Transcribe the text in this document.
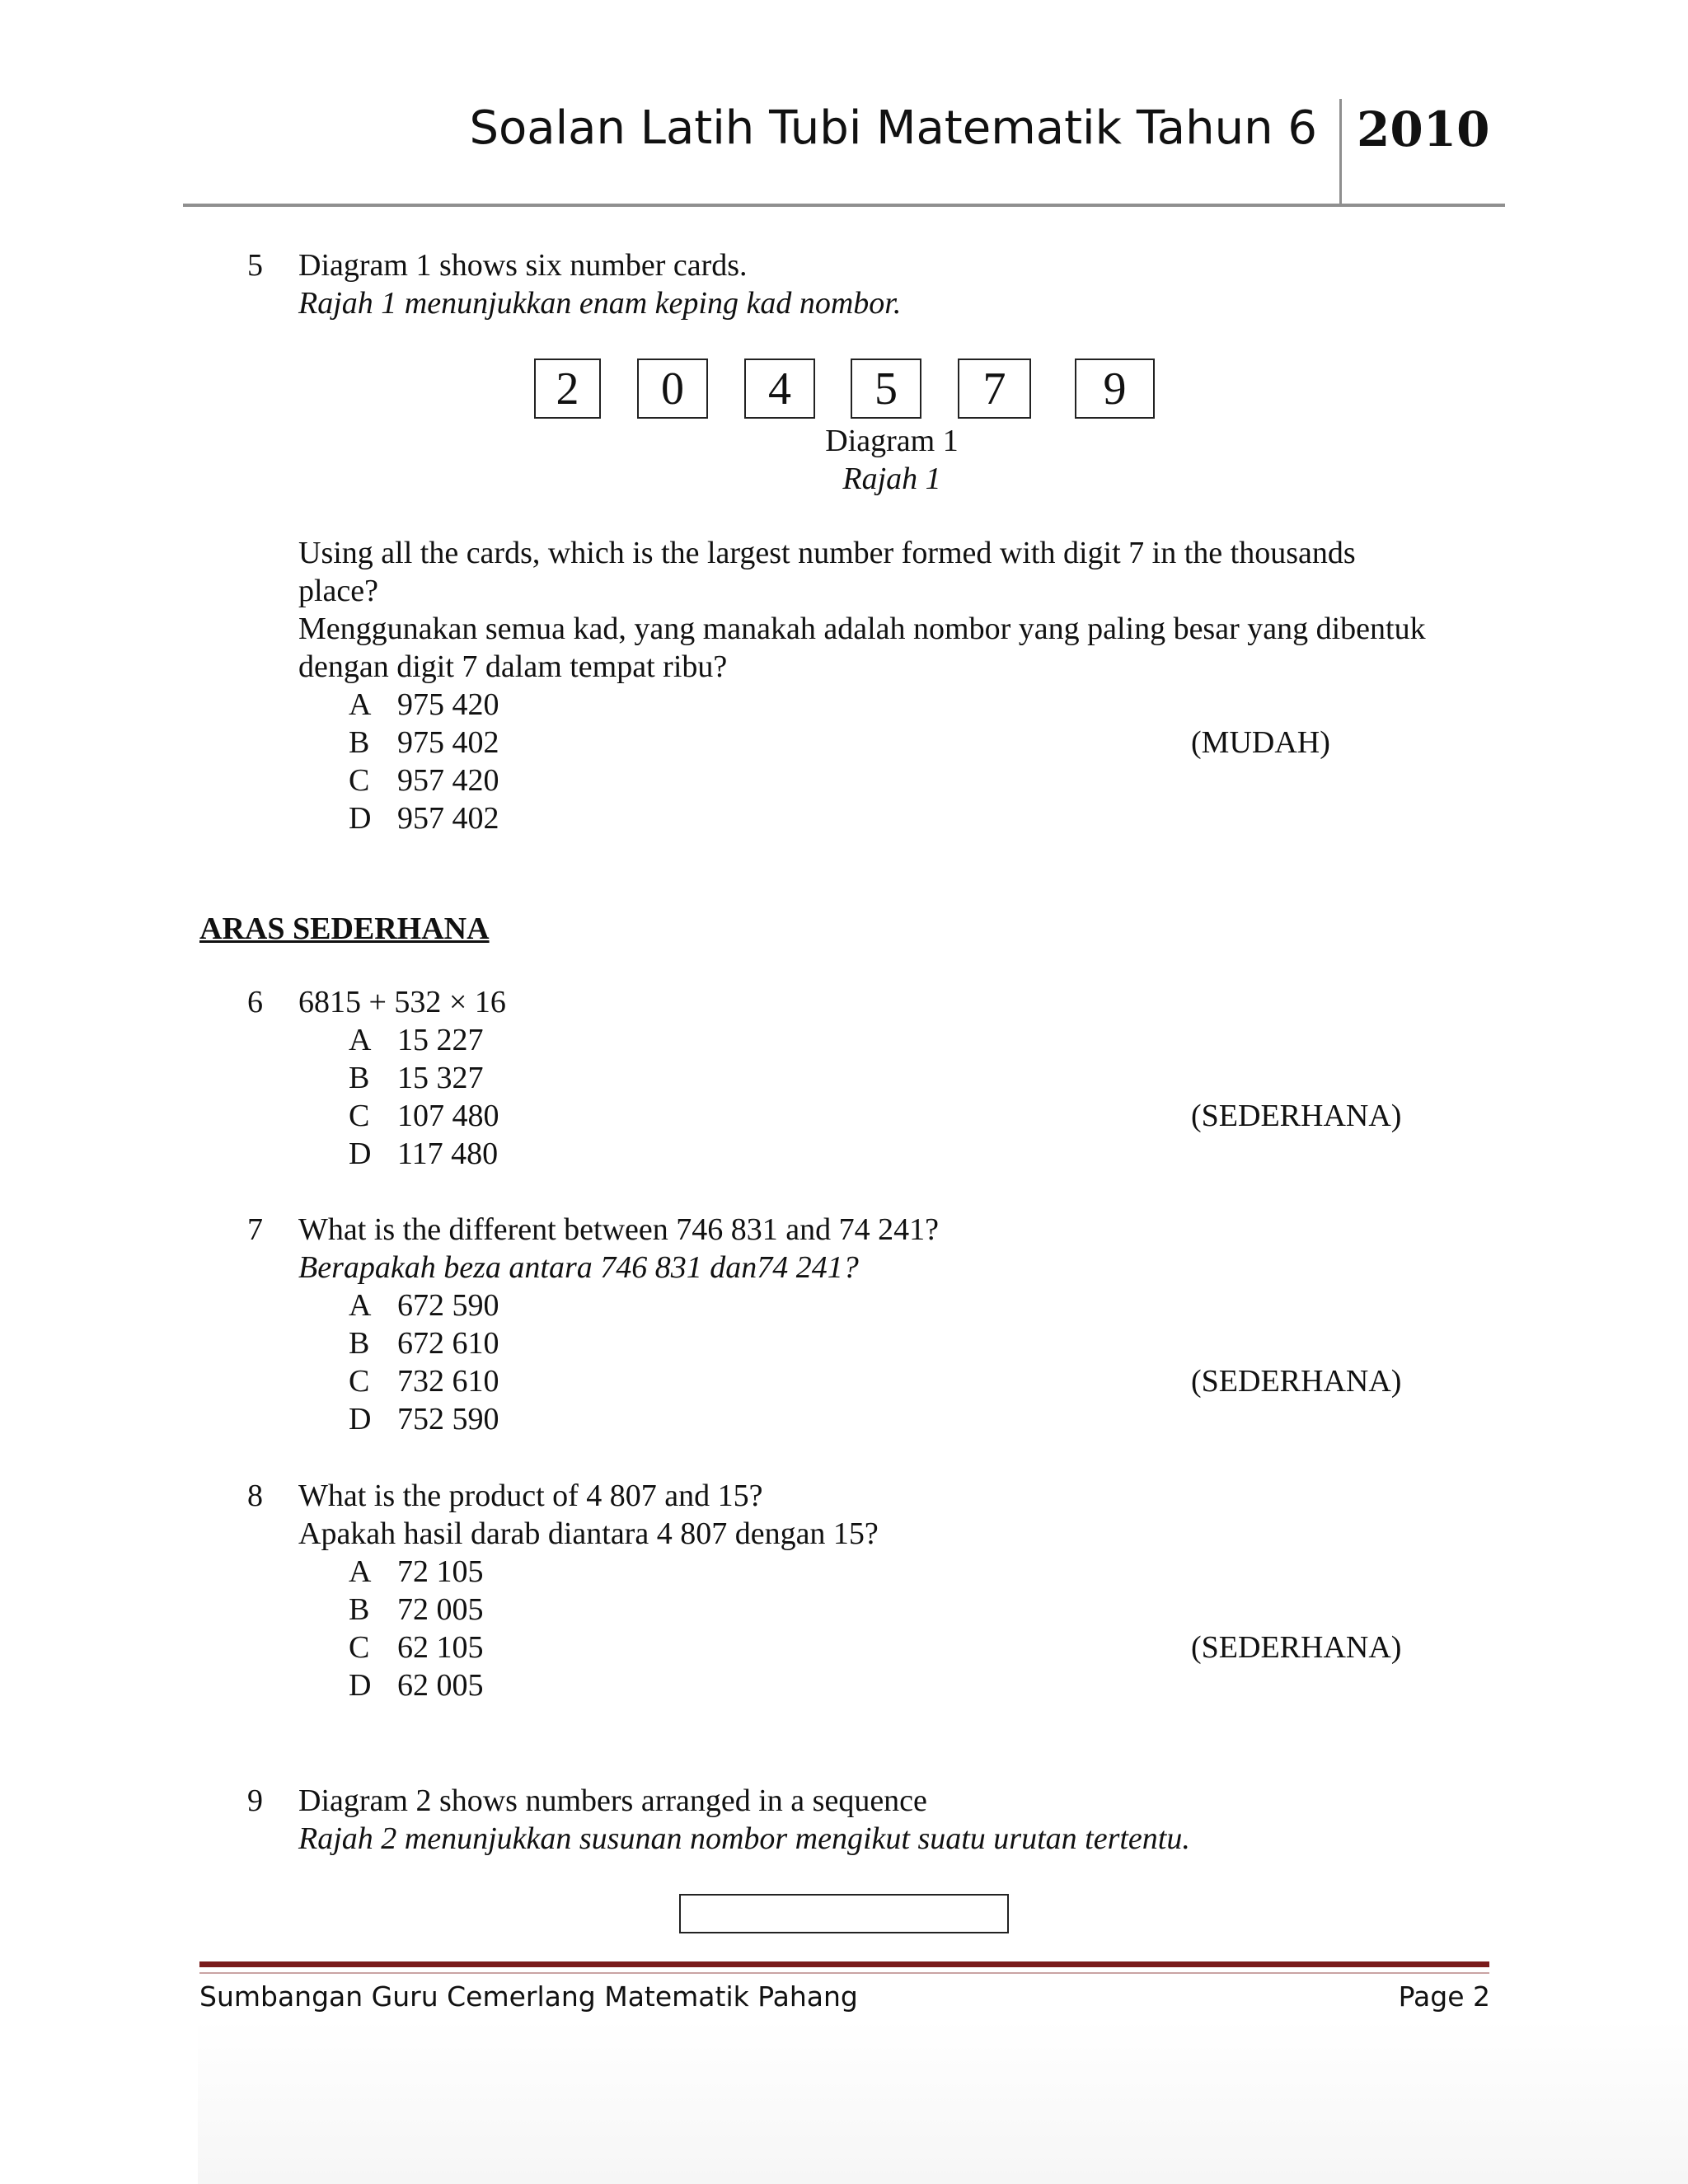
Soalan Latih Tubi Matematik Tahun 6 2010
5 Diagram 1 shows six number cards.
Rajah 1 menunjukkan enam keping kad nombor.
2	0	4	5	7	9
Diagram 1
Rajah 1
Using all the cards, which is the largest number formed with digit 7 in the thousands
place?
Menggunakan semua kad, yang manakah adalah nombor yang paling besar yang dibentuk
dengan digit 7 dalam tempat ribu?
A 975 420
B 975 402
C 957 420
D 957 402
(MUDAH)
ARAS SEDERHANA
6 6815 + 532 × 16
A 15 227
B 15 327
C 107 480
D 117 480
(SEDERHANA)
7 What is the different between 746 831 and 74 241?
Berapakah beza antara 746 831 dan74 241?
A 672 590
B 672 610
C 732 610
D 752 590
(SEDERHANA)
8 What is the product of 4 807 and 15?
Apakah hasil darab diantara 4 807 dengan 15?
A 72 105
B 72 005
C 62 105
D 62 005
(SEDERHANA)
9 Diagram 2 shows numbers arranged in a sequence
Rajah 2 menunjukkan susunan nombor mengikut suatu urutan tertentu.
Sumbangan Guru Cemerlang Matematik Pahang	Page 2
